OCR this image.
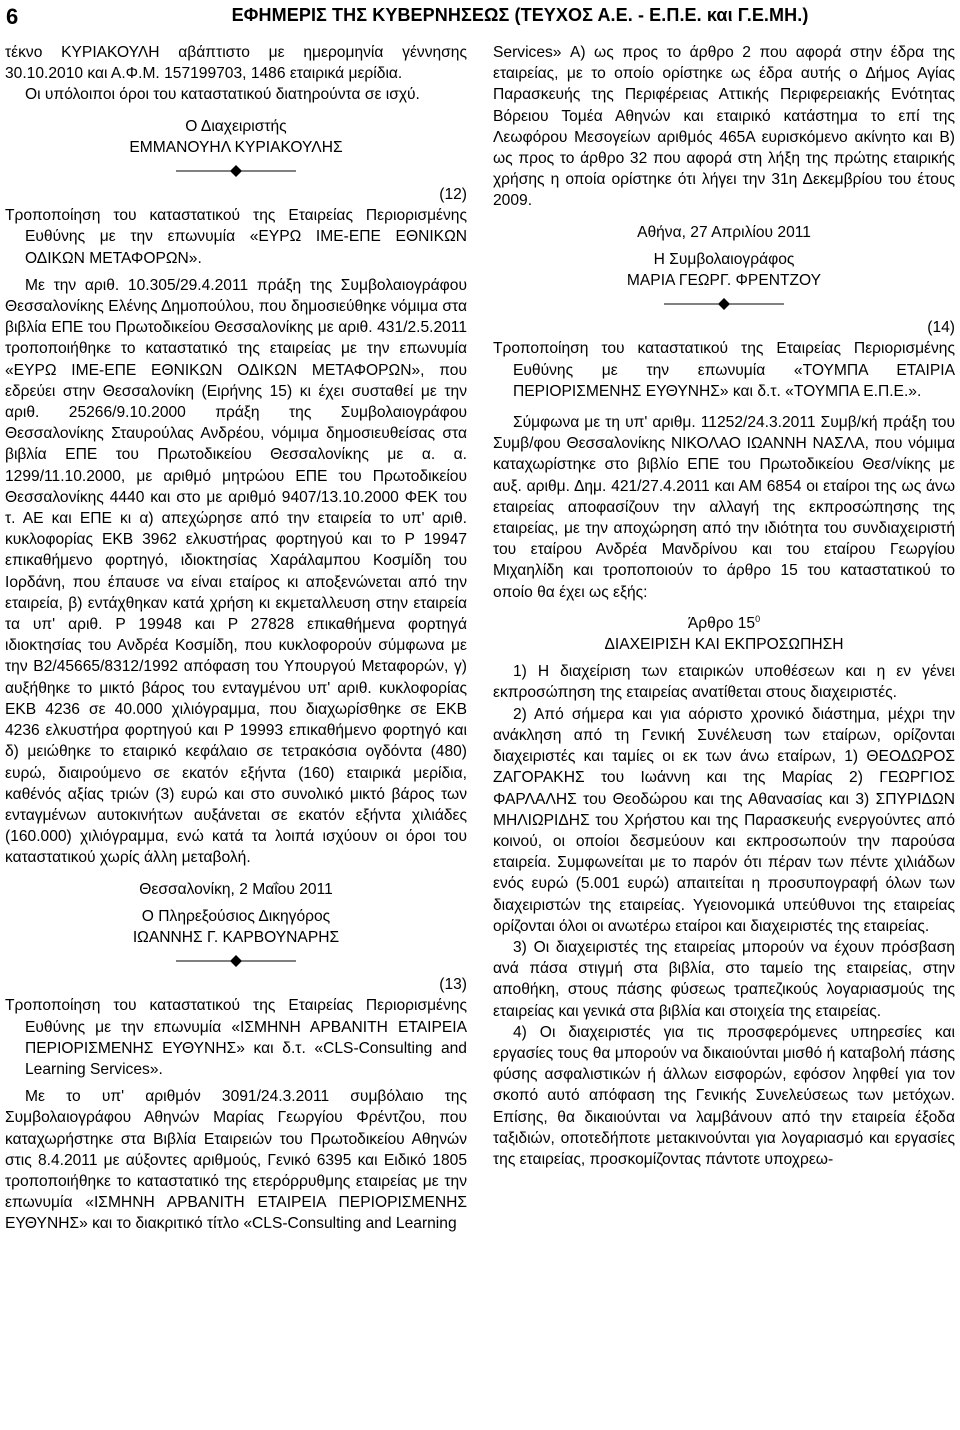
6	ΕΦΗΜΕΡΙΣ ΤΗΣ ΚΥΒΕΡΝΗΣΕΩΣ (ΤΕΥΧΟΣ Α.Ε. - Ε.Π.Ε. και Γ.Ε.ΜΗ.)

τέκνο ΚΥΡΙΑΚΟΥΛΗ αβάπτιστο με ημερομηνία γέννησης 30.10.2010 και Α.Φ.Μ. 157199703, 1486 εταιρικά μερίδια.

Οι υπόλοιποι όροι του καταστατικού διατηρούντα σε ισχύ.

Ο Διαχειριστής

ΕΜΜΑΝΟΥΗΛ ΚΥΡΙΑΚΟΥΛΗΣ

(12)

Τροποποίηση του καταστατικού της Εταιρείας Περιορισμένης Ευθύνης με την επωνυμία «ΕΥΡΩ ΙΜΕ-ΕΠΕ ΕΘΝΙΚΩΝ ΟΔΙΚΩΝ ΜΕΤΑΦΟΡΩΝ».

Με την αριθ. 10.305/29.4.2011 πράξη της Συμβολαιογράφου Θεσσαλονίκης Ελένης Δημοπούλου, που δημοσιεύθηκε νόμιμα στα βιβλία ΕΠΕ του Πρωτοδικείου Θεσσαλονίκης με αριθ. 431/2.5.2011 τροποποιήθηκε το καταστατικό της εταιρείας με την επωνυμία «ΕΥΡΩ ΙΜΕ-ΕΠΕ ΕΘΝΙΚΩΝ ΟΔΙΚΩΝ ΜΕΤΑΦΟΡΩΝ», που εδρεύει στην Θεσσαλονίκη (Ειρήνης 15) κι έχει συσταθεί με την αριθ. 25266/9.10.2000 πράξη της Συμβολαιογράφου Θεσσαλονίκης Σταυρούλας Ανδρέου, νόμιμα δημοσιευθείσας στα βιβλία ΕΠΕ του Πρωτοδικείου Θεσσαλονίκης με α. α. 1299/11.10.2000, με αριθμό μητρώου ΕΠΕ του Πρωτοδικείου Θεσσαλονίκης 4440 και στο με αριθμό 9407/13.10.2000 ΦΕΚ του τ. ΑΕ και ΕΠΕ κι α) απεχώρησε από την εταιρεία το υπ' αριθ. κυκλοφορίας ΕΚΒ 3962 ελκυστήρας φορτηγού και το Ρ 19947 επικαθήμενο φορτηγό, ιδιοκτησίας Χαράλαμπου Κοσμίδη του Ιορδάνη, που έπαυσε να είναι εταίρος κι αποξενώνεται από την εταιρεία, β) εντάχθηκαν κατά χρήση κι εκμεταλλευση στην εταιρεία τα υπ' αριθ. Ρ 19948 και Ρ 27828 επικαθήμενα φορτηγά ιδιοκτησίας του Ανδρέα Κοσμίδη, που κυκλοφορούν σύμφωνα με την Β2/45665/8312/1992 απόφαση του Υπουργού Μεταφορών, γ) αυξήθηκε το μικτό βάρος του ενταγμένου υπ' αριθ. κυκλοφορίας ΕΚΒ 4236 σε 40.000 χιλιόγραμμα, που διαχωρίσθηκε σε ΕΚΒ 4236 ελκυστήρα φορτηγού και Ρ 19993 επικαθήμενο φορτηγό και δ) μειώθηκε το εταιρικό κεφάλαιο σε τετρακόσια ογδόντα (480) ευρώ, διαιρούμενο σε εκατόν εξήντα (160) εταιρικά μερίδια, καθένός αξίας τριών (3) ευρώ και στο συνολικό μικτό βάρος των ενταγμένων αυτοκινήτων αυξάνεται σε εκατόν εξήντα χιλιάδες (160.000) χιλιόγραμμα, ενώ κατά τα λοιπά ισχύουν οι όροι του καταστατικού χωρίς άλλη μεταβολή.

Θεσσαλονίκη, 2 Μαΐου 2011

Ο Πληρεξούσιος Δικηγόρος

ΙΩΑΝΝΗΣ Γ. ΚΑΡΒΟΥΝΑΡΗΣ

(13)

Τροποποίηση του καταστατικού της Εταιρείας Περιορισμένης Ευθύνης με την επωνυμία «ΙΣΜΗΝΗ ΑΡΒΑΝΙΤΗ ΕΤΑΙΡΕΙΑ ΠΕΡΙΟΡΙΣΜΕΝΗΣ ΕΥΘΥΝΗΣ» και δ.τ. «CLS-Consulting and Learning Services».

Με το υπ' αριθμόν 3091/24.3.2011 συμβόλαιο της Συμβολαιογράφου Αθηνών Μαρίας Γεωργίου Φρέντζου, που καταχωρήστηκε στα Βιβλία Εταιρειών του Πρωτοδικείου Αθηνών στις 8.4.2011 με αύξοντες αριθμούς, Γενικό 6395 και Ειδικό 1805 τροποποιήθηκε το καταστατικό της ετερόρρυθμης εταιρείας με την επωνυμία «ΙΣΜΗΝΗ ΑΡΒΑΝΙΤΗ ΕΤΑΙΡΕΙΑ ΠΕΡΙΟΡΙΣΜΕΝΗΣ ΕΥΘΥΝΗΣ» και το διακριτικό τίτλο «CLS-Consulting and Learning

Services» Α) ως προς το άρθρο 2 που αφορά στην έδρα της εταιρείας, με το οποίο ορίστηκε ως έδρα αυτής ο Δήμος Αγίας Παρασκευής της Περιφέρειας Αττικής Περιφερειακής Ενότητας Βόρειου Τομέα Αθηνών και εταιρικό κατάστημα το επί της Λεωφόρου Μεσογείων αριθμός 465Α ευρισκόμενο ακίνητο και Β) ως προς το άρθρο 32 που αφορά στη λήξη της πρώτης εταιρικής χρήσης η οποία ορίστηκε ότι λήγει την 31η Δεκεμβρίου του έτους 2009.

Αθήνα, 27 Απριλίου 2011

Η Συμβολαιογράφος

ΜΑΡΙΑ ΓΕΩΡΓ. ΦΡΕΝΤΖΟΥ

(14)

Τροποποίηση του καταστατικού της Εταιρείας Περιορισμένης Ευθύνης με την επωνυμία «ΤΟΥΜΠΑ ΕΤΑΙΡΙΑ ΠΕΡΙΟΡΙΣΜΕΝΗΣ ΕΥΘΥΝΗΣ» και δ.τ. «ΤΟΥΜΠΑ Ε.Π.Ε.».

Σύμφωνα με τη υπ' αριθμ. 11252/24.3.2011 Συμβ/κή πράξη του Συμβ/φου Θεσσαλονίκης ΝΙΚΟΛΑΟ ΙΩΑΝΝΗ ΝΑΣΛΑ, που νόμιμα καταχωρίστηκε στο βιβλίο ΕΠΕ του Πρωτοδικείου Θεσ/νίκης με αυξ. αριθμ. Δημ. 421/27.4.2011 και ΑΜ 6854 οι εταίροι της ως άνω εταιρείας αποφασίζουν την αλλαγή της εκπροσώπησης της εταιρείας, με την αποχώρηση από την ιδιότητα του συνδιαχειριστή του εταίρου Ανδρέα Μανδρίνου και του εταίρου Γεωργίου Μιχαηλίδη και τροποποιούν το άρθρο 15 του καταστατικού το οποίο θα έχει ως εξής:

Άρθρο $15^0$

ΔΙΑΧΕΙΡΙΣΗ ΚΑΙ ΕΚΠΡΟΣΩΠΗΣΗ

1) Η διαχείριση των εταιρικών υποθέσεων και η εν γένει εκπροσώπηση της εταιρείας ανατίθεται στους διαχειριστές.

2) Από σήμερα και για αόριστο χρονικό διάστημα, μέχρι την ανάκληση από τη Γενική Συνέλευση των εταίρων, ορίζονται διαχειριστές και ταμίες οι εκ των άνω εταίρων, 1) ΘΕΟΔΩΡΟΣ ΖΑΓΟΡΑΚΗΣ του Ιωάννη και της Μαρίας 2) ΓΕΩΡΓΙΟΣ ΦΑΡΛΑΛΗΣ του Θεοδώρου και της Αθανασίας και 3) ΣΠΥΡΙΔΩΝ ΜΗΛΙΩΡΙΔΗΣ του Χρήστου και της Παρασκευής ενεργούντες από κοινού, οι οποίοι δεσμεύουν και εκπροσωπούν την παρούσα εταιρεία. Συμφωνείται με το παρόν ότι πέραν των πέντε χιλιάδων ενός ευρώ (5.001 ευρώ) απαιτείται η προσυπογραφή όλων των διαχειριστών της εταιρείας. Υγειονομικά υπεύθυνοι της εταιρείας ορίζονται όλοι οι ανωτέρω εταίροι και διαχειριστές της εταιρείας.

3) Οι διαχειριστές της εταιρείας μπορούν να έχουν πρόσβαση ανά πάσα στιγμή στα βιβλία, στο ταμείο της εταιρείας, στην αποθήκη, στους πάσης φύσεως τραπεζικούς λογαριασμούς της εταιρείας και γενικά στα βιβλία και στοιχεία της εταιρείας.

4) Οι διαχειριστές για τις προσφερόμενες υπηρεσίες και εργασίες τους θα μπορούν να δικαιούνται μισθό ή καταβολή πάσης φύσης ασφαλιστικών ή άλλων εισφορών, εφόσον ληφθεί για τον σκοπό αυτό απόφαση της Γενικής Συνελεύσεως των μετόχων. Επίσης, θα δικαιούνται να λαμβάνουν από την εταιρεία έξοδα ταξιδιών, οποτεδήποτε μετακινούνται για λογαριασμό και εργασίες της εταιρείας, προσκομίζοντας πάντοτε υποχρεω-
